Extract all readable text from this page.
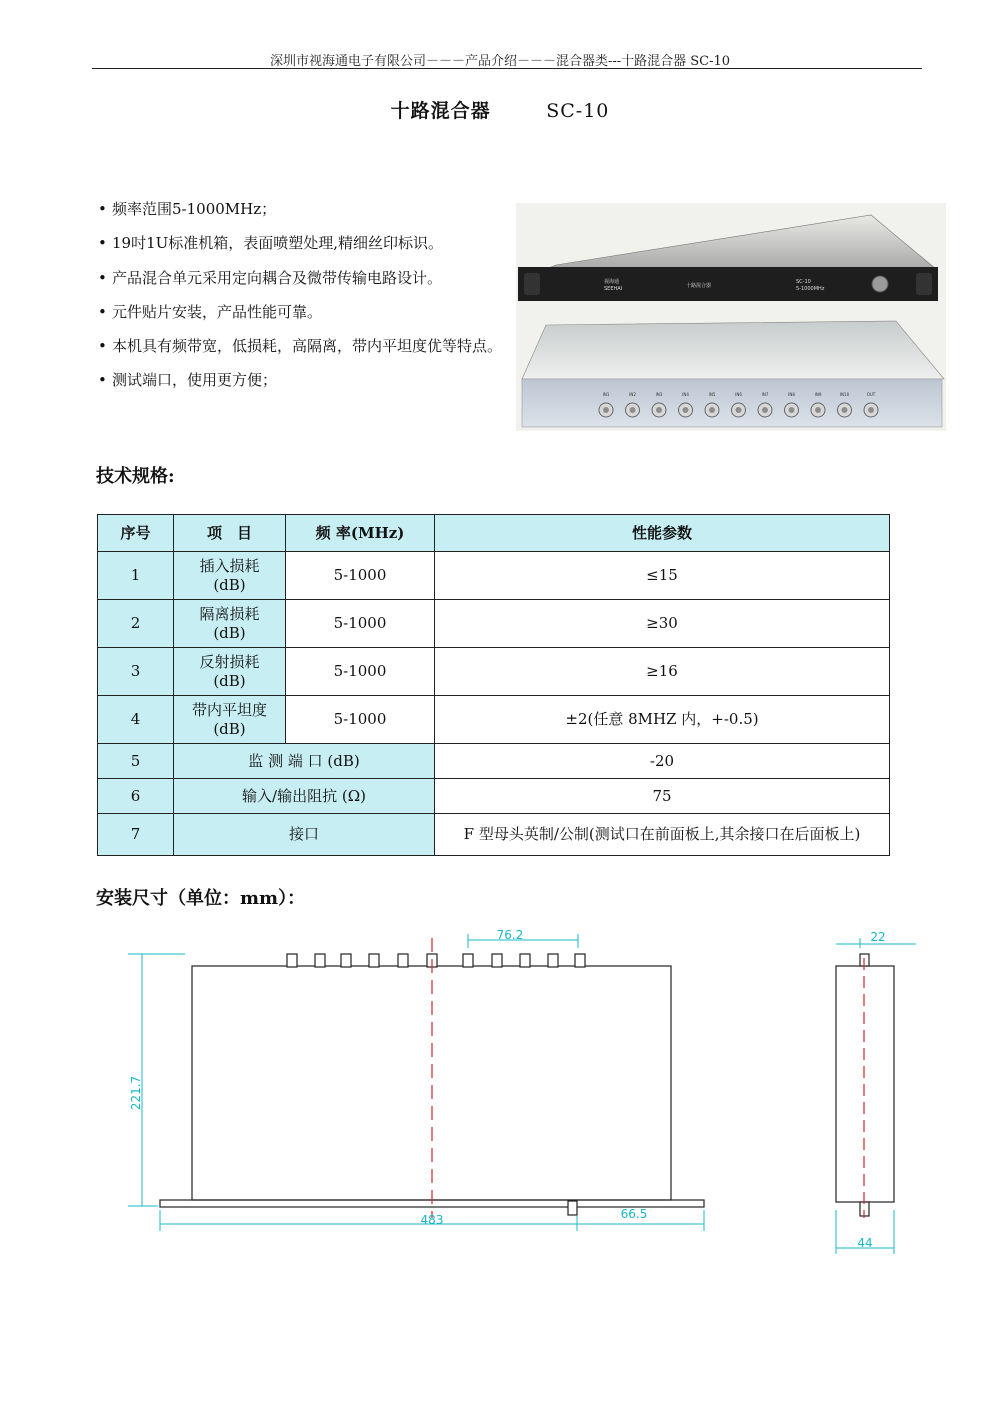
深圳市视海通电子有限公司－－－产品介绍－－－混合器类---十路混合器 SC-10
十路混合器	SC-10
• 频率范围5-1000MHz；
• 19吋1U标准机箱，表面喷塑处理,精细丝印标识。
• 产品混合单元采用定向耦合及微带传输电路设计。
• 元件贴片安装，产品性能可靠。
• 本机具有频带宽，低损耗，高隔离，带内平坦度优等特点。
• 测试端口，使用更方便；
视海通
SEEHAI	十路混合器
SC-10
5-1000MHz
IN1	IN2	IN3	IN4	IN5	IN6	IN7	IN8	IN9	IN10	OUT
技术规格:
序号	项　目	频 率(MHz)	性能参数
1	插入损耗
(dB)	5-1000	≤15
2	隔离损耗
(dB)	5-1000	≥30
3	反射损耗
(dB)	5-1000	≥16
4	带内平坦度
(dB)	5-1000	±2(任意 8MHZ 内，+-0.5)
5	监 测 端 口 (dB)		-20
6	输入/输出阻抗 (Ω)		75
7	接口		F 型母头英制/公制(测试口在前面板上,其余接口在后面板上)
安装尺寸（单位：mm）：
221.7
483
76.2
66.5
22
44
